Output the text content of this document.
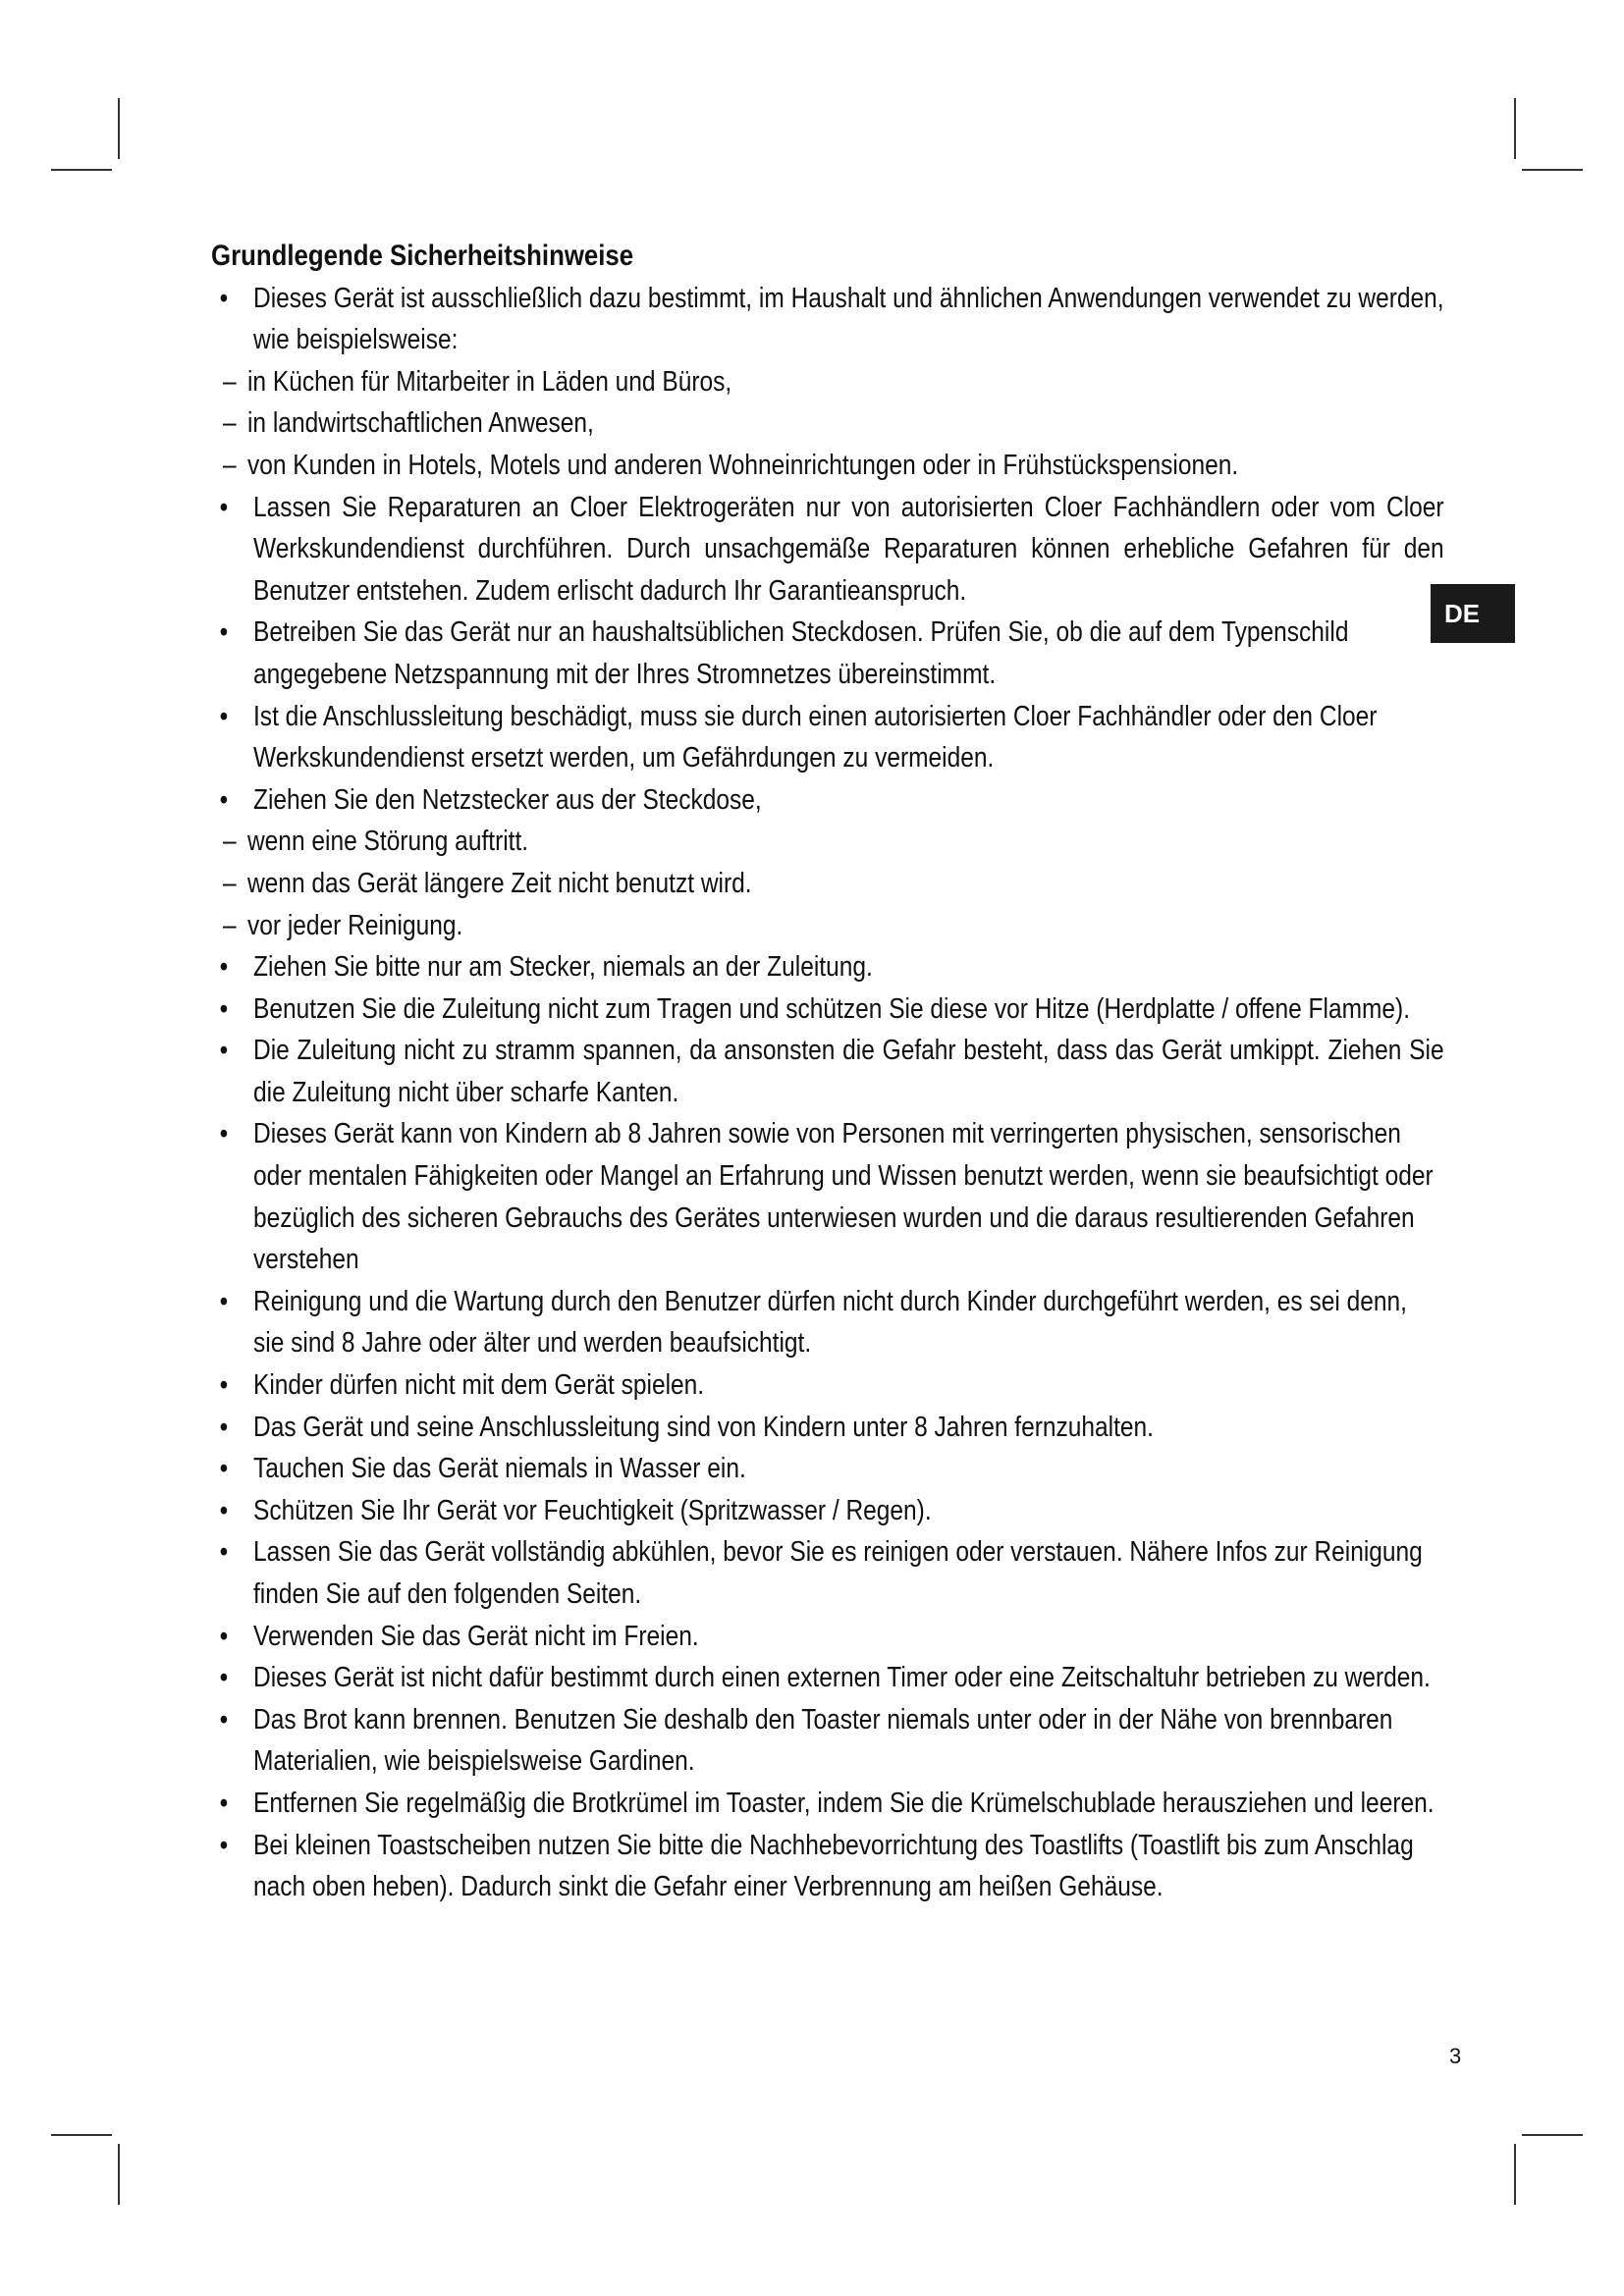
DE
Grundlegende Sicherheitshinweise
• Dieses Gerät ist ausschließlich dazu bestimmt, im Haushalt und ähnlichen Anwendungen verwendet zu werden, wie beispielsweise:
– in Küchen für Mitarbeiter in Läden und Büros,
– in landwirtschaftlichen Anwesen,
– von Kunden in Hotels, Motels und anderen Wohneinrichtungen oder in Frühstückspensionen.
• Lassen Sie Reparaturen an Cloer Elektrogeräten nur von autorisierten Cloer Fachhändlern oder vom Cloer Werkskundendienst durchführen. Durch unsachgemäße Reparaturen können erhebliche Gefahren für den Benutzer entstehen. Zudem erlischt dadurch Ihr Garantieanspruch.
• Betreiben Sie das Gerät nur an haushaltsüblichen Steckdosen. Prüfen Sie, ob die auf dem Typenschild angegebene Netzspannung mit der Ihres Stromnetzes übereinstimmt.
• Ist die Anschlussleitung beschädigt, muss sie durch einen autorisierten Cloer Fachhändler oder den Cloer Werkskundendienst ersetzt werden, um Gefährdungen zu vermeiden.
• Ziehen Sie den Netzstecker aus der Steckdose,
– wenn eine Störung auftritt.
– wenn das Gerät längere Zeit nicht benutzt wird.
– vor jeder Reinigung.
• Ziehen Sie bitte nur am Stecker, niemals an der Zuleitung.
• Benutzen Sie die Zuleitung nicht zum Tragen und schützen Sie diese vor Hitze (Herdplatte / offene Flamme).
• Die Zuleitung nicht zu stramm spannen, da ansonsten die Gefahr besteht, dass das Gerät umkippt. Ziehen Sie die Zuleitung nicht über scharfe Kanten.
• Dieses Gerät kann von Kindern ab 8 Jahren sowie von Personen mit verringerten physischen, sensorischen oder mentalen Fähigkeiten oder Mangel an Erfahrung und Wissen benutzt werden, wenn sie beaufsichtigt oder bezüglich des sicheren Gebrauchs des Gerätes unterwiesen wurden und die daraus resultierenden Gefahren verstehen
• Reinigung und die Wartung durch den Benutzer dürfen nicht durch Kinder durchgeführt werden, es sei denn, sie sind 8 Jahre oder älter und werden beaufsichtigt.
• Kinder dürfen nicht mit dem Gerät spielen.
• Das Gerät und seine Anschlussleitung sind von Kindern unter 8 Jahren fernzuhalten.
• Tauchen Sie das Gerät niemals in Wasser ein.
• Schützen Sie Ihr Gerät vor Feuchtigkeit (Spritzwasser / Regen).
• Lassen Sie das Gerät vollständig abkühlen, bevor Sie es reinigen oder verstauen. Nähere Infos zur Reinigung finden Sie auf den folgenden Seiten.
• Verwenden Sie das Gerät nicht im Freien.
• Dieses Gerät ist nicht dafür bestimmt durch einen externen Timer oder eine Zeitschaltuhr betrieben zu werden.
• Das Brot kann brennen. Benutzen Sie deshalb den Toaster niemals unter oder in der Nähe von brennbaren Materialien, wie beispielsweise Gardinen.
• Entfernen Sie regelmäßig die Brotkrümel im Toaster, indem Sie die Krümelschublade herausziehen und leeren.
• Bei kleinen Toastscheiben nutzen Sie bitte die Nachhebevorrichtung des Toastlifts (Toastlift bis zum Anschlag nach oben heben). Dadurch sinkt die Gefahr einer Verbrennung am heißen Gehäuse.
3
